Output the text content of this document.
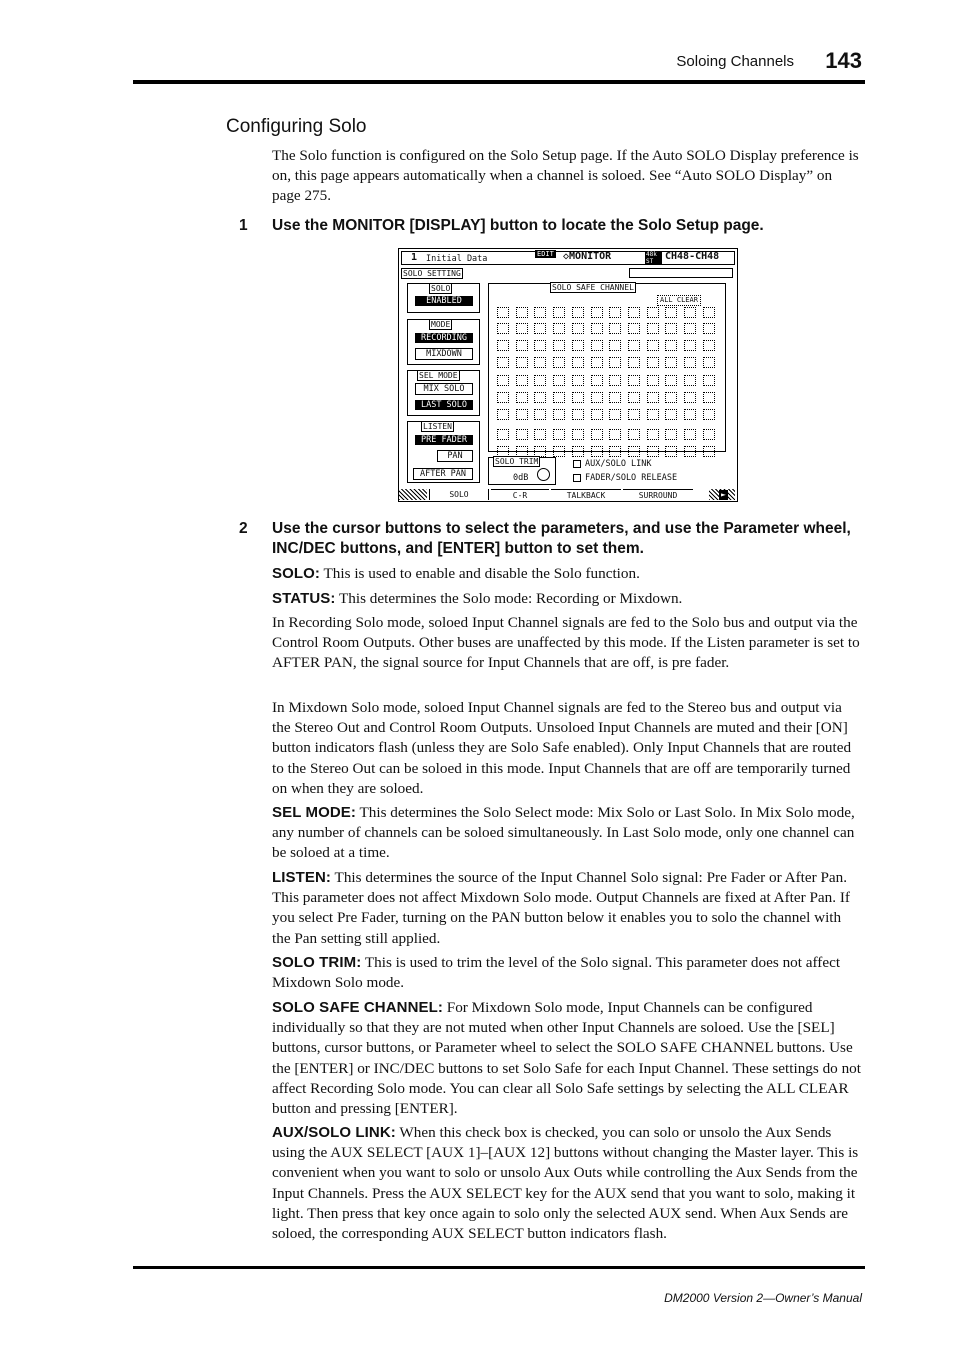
Soloing Channels 143
Configuring Solo

The Solo function is configured on the Solo Setup page. If the Auto SOLO Display preference is on, this page appears automatically when a channel is soloed. See “Auto SOLO Display” on page 275.

1 Use the MONITOR [DISPLAY] button to locate the Solo Setup page.
1 Initial Data	EDIT ◇MONITOR	48k
ST	CH48-CH48
SOLO SETTING
SOLO
ENABLED
MODE
RECORDING
MIXDOWN
SEL MODE
MIX SOLO
LAST SOLO
LISTEN
PRE FADER
PAN
AFTER PAN
SOLO SAFE CHANNEL
ALL CLEAR
SOLO TRIM
0dB
AUX/SOLO LINK
FADER/SOLO RELEASE
SOLO	C-R	TALKBACK	SURROUND	►
2 Use the cursor buttons to select the parameters, and use the Parameter wheel, INC/DEC buttons, and [ENTER] button to set them.

SOLO: This is used to enable and disable the Solo function.

STATUS: This determines the Solo mode: Recording or Mixdown.

In Recording Solo mode, soloed Input Channel signals are fed to the Solo bus and output via the Control Room Outputs. Other buses are unaffected by this mode. If the Listen parameter is set to AFTER PAN, the signal source for Input Channels that are off, is pre fader.

In Mixdown Solo mode, soloed Input Channel signals are fed to the Stereo bus and output via the Stereo Out and Control Room Outputs. Unsoloed Input Channels are muted and their [ON] button indicators flash (unless they are Solo Safe enabled). Only Input Channels that are routed to the Stereo Out can be soloed in this mode. Input Channels that are off are temporarily turned on when they are soloed.

SEL MODE: This determines the Solo Select mode: Mix Solo or Last Solo. In Mix Solo mode, any number of channels can be soloed simultaneously. In Last Solo mode, only one channel can be soloed at a time.

LISTEN: This determines the source of the Input Channel Solo signal: Pre Fader or After Pan. This parameter does not affect Mixdown Solo mode. Output Channels are fixed at After Pan. If you select Pre Fader, turning on the PAN button below it enables you to solo the channel with the Pan setting still applied.

SOLO TRIM: This is used to trim the level of the Solo signal. This parameter does not affect Mixdown Solo mode.

SOLO SAFE CHANNEL: For Mixdown Solo mode, Input Channels can be configured individually so that they are not muted when other Input Channels are soloed. Use the [SEL] buttons, cursor buttons, or Parameter wheel to select the SOLO SAFE CHANNEL buttons. Use the [ENTER] or INC/DEC buttons to set Solo Safe for each Input Channel. These settings do not affect Recording Solo mode. You can clear all Solo Safe settings by selecting the ALL CLEAR button and pressing [ENTER].

AUX/SOLO LINK: When this check box is checked, you can solo or unsolo the Aux Sends using the AUX SELECT [AUX 1]–[AUX 12] buttons without changing the Master layer. This is convenient when you want to solo or unsolo Aux Outs while controlling the Aux Sends from the Input Channels. Press the AUX SELECT key for the AUX send that you want to solo, making it light. Then press that key once again to solo only the selected AUX send. When Aux Sends are soloed, the corresponding AUX SELECT button indicators flash.

DM2000 Version 2—Owner’s Manual
